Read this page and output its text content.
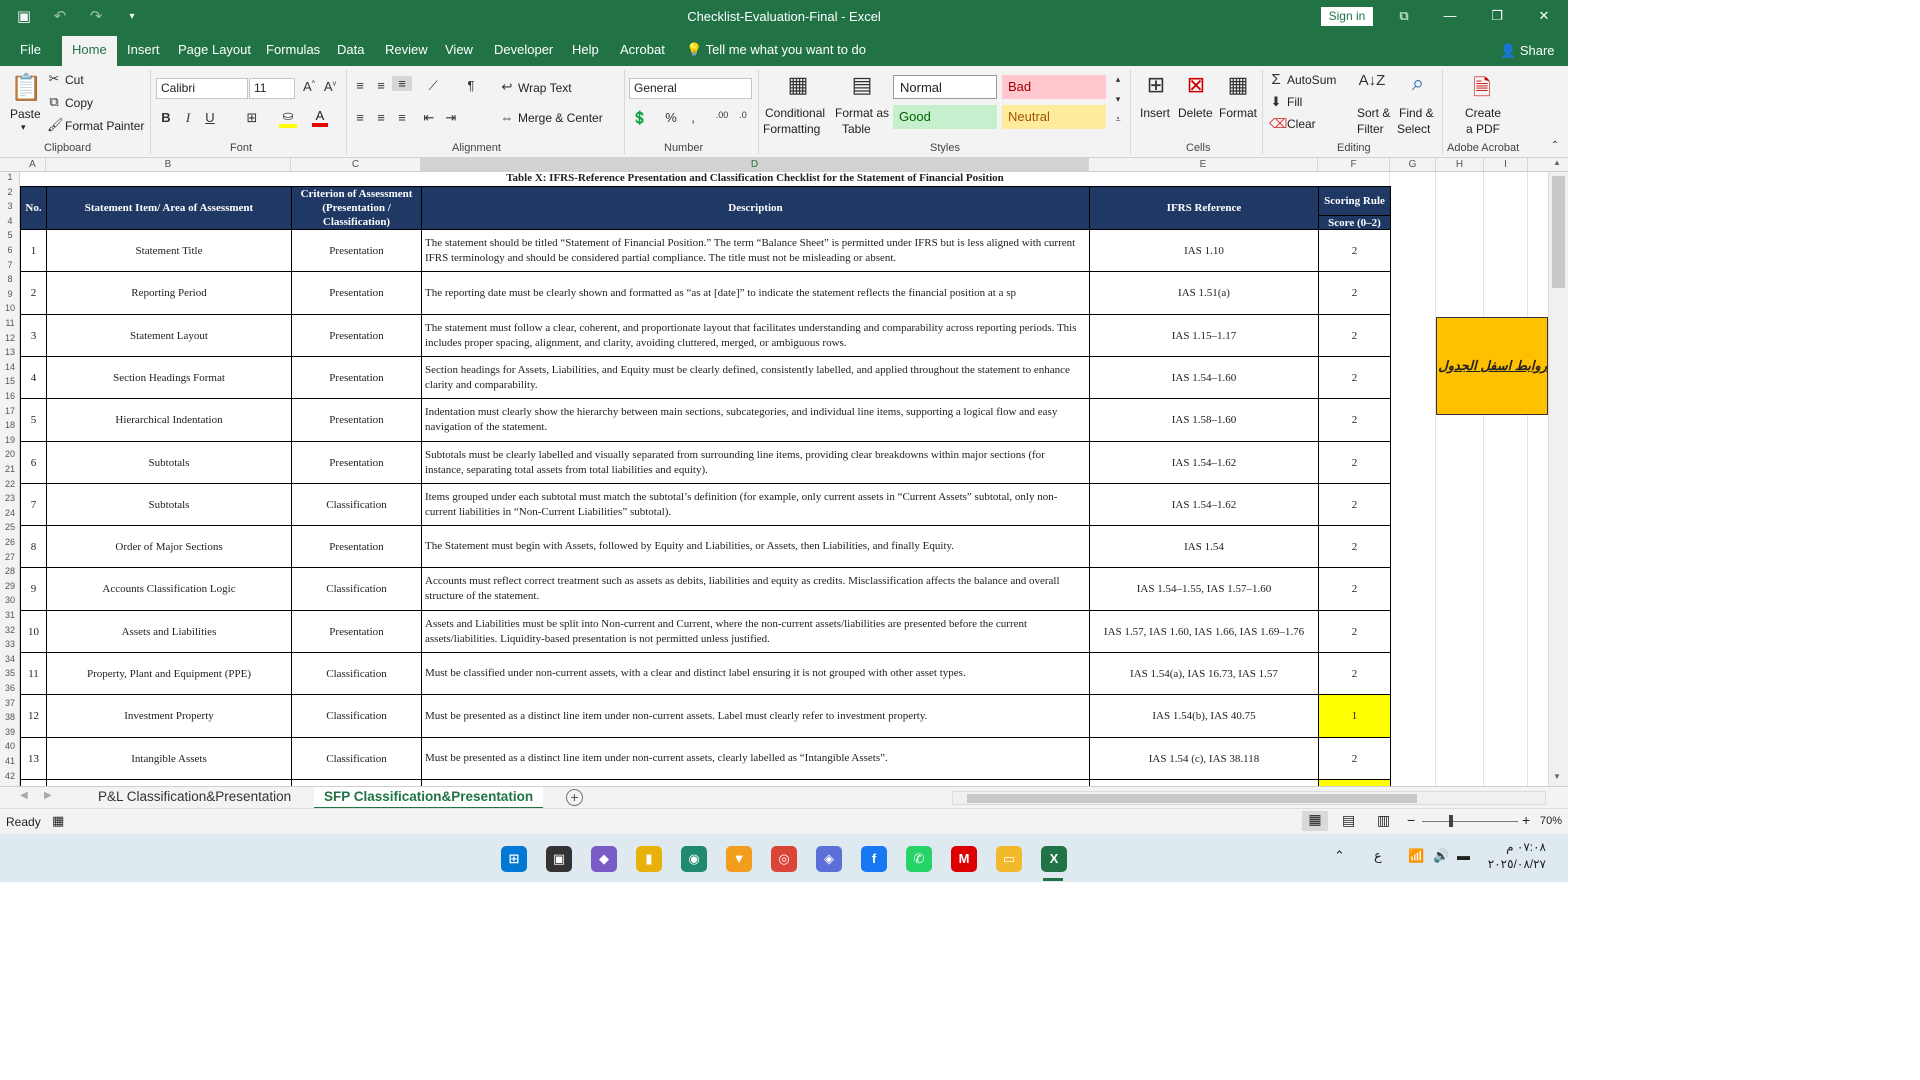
▣ ↶ ↷	▾	Checklist-Evaluation-Final - Excel	Sign in	⧉	—	❐	✕
File	Home	Insert Page Layout Formulas Data Review View Developer Help Acrobat 💡 Tell me what you want to do	👤 Share
📋
Paste
▾
✂ Cut
⧉ Copy
🖌 Format Painter
Clipboard
Calibri	11	A^ $A^v$
B	I	U ⊞ ⛀ A
Font
≡	≡	≡	⟋	¶
≡	≡	≡	⇤ ⇥
↩ Wrap Text
⇔ Merge & Center
Alignment
General
💲 %	,	.00	.0
Number
▦
Conditional
Formatting
▤
Format as
Table
Normal	Bad
Good	Neutral
▴
▾
⩡
Styles
⊞
Insert
⊠
Delete
▦
Format
Cells
Σ AutoSum
⬇ Fill
⌫ Clear
A↓Z
Sort &
Filter
⌕
Find &
Select
Editing
🗎
Create
a PDF
Adobe Acrobat	⌃
A	B	C	D	E	F	G	H	I
1
2
3
4
5
6
7
8
9
10
11
12
13
14
15
16
17
18
19
20
21
22
23
24
25
26
27
28
29
30
31
32
33
34
35
36
37
38
39
40
41
42
Table X: IFRS-Reference Presentation and Classification Checklist for the Statement of Financial Position
No.	Statement Item/ Area of Assessment
Criterion of Assessment (Presentation / Classification)
Description	IFRS Reference
Scoring Rule
Score (0–2)
1	Statement Title	Presentation
The statement should be titled “Statement of Financial Position.” The term “Balance Sheet” is permitted under IFRS but is less aligned with current IFRS terminology and should be considered partial compliance. The title must not be misleading or absent.
IAS 1.10	2
2	Reporting Period	Presentation	The reporting date must be clearly shown and formatted as “as at [date]” to indicate the statement reflects the financial position at a sp	IAS 1.51(a)	2
3	Statement Layout	Presentation
The statement must follow a clear, coherent, and proportionate layout that facilitates understanding and comparability across reporting periods. This includes proper spacing, alignment, and clarity, avoiding cluttered, merged, or ambiguous rows.
IAS 1.15–1.17	2
4	Section Headings Format	Presentation
Section headings for Assets, Liabilities, and Equity must be clearly defined, consistently labelled, and applied throughout the statement to enhance clarity and comparability.
IAS 1.54–1.60	2
5	Hierarchical Indentation	Presentation
Indentation must clearly show the hierarchy between main sections, subcategories, and individual line items, supporting a logical flow and easy navigation of the statement.
IAS 1.58–1.60	2
6	Subtotals	Presentation
Subtotals must be clearly labelled and visually separated from surrounding line items, providing clear breakdowns within major sections (for instance, separating total assets from total liabilities and equity).
IAS 1.54–1.62	2
7	Subtotals	Classification
Items grouped under each subtotal must match the subtotal’s definition (for example, only current assets in “Current Assets” subtotal, only non-current liabilities in “Non-Current Liabilities” subtotal).
IAS 1.54–1.62	2
8	Order of Major Sections	Presentation	The Statement must begin with Assets, followed by Equity and Liabilities, or Assets, then Liabilities, and finally Equity.	IAS 1.54	2
9	Accounts Classification Logic	Classification
Accounts must reflect correct treatment such as assets as debits, liabilities and equity as credits. Misclassification affects the balance and overall structure of the statement.
IAS 1.54–1.55, IAS 1.57–1.60	2
10	Assets and Liabilities	Presentation
Assets and Liabilities must be split into Non-current and Current, where the non-current assets/liabilities are presented before the current assets/liabilities. Liquidity-based presentation is not permitted unless justified.
IAS 1.57, IAS 1.60, IAS 1.66, IAS 1.69–1.76	2
11	Property, Plant and Equipment (PPE)	Classification	Must be classified under non-current assets, with a clear and distinct label ensuring it is not grouped with other asset types.	IAS 1.54(a), IAS 16.73, IAS 1.57	2
12	Investment Property	Classification	Must be presented as a distinct line item under non-current assets. Label must clearly refer to investment property.	IAS 1.54(b), IAS 40.75	1
13	Intangible Assets	Classification	Must be presented as a distinct line item under non-current assets, clearly labelled as “Intangible Assets”.	IAS 1.54 (c), IAS 38.118	2
روابط اسفل الجدول
▲
▼
◀ ▶	P&L Classification&Presentation	SFP Classification&Presentation	+
Ready ▦	▦	▤ ▥ −	+ 70%
⊞	▣	◆	▮	◉	▼	◎	◈	f	✆	M	▭	X	⌃ ع 📶 🔊 ▬
٠٧:٠٨ م
٢٠٢٥/٠٨/٢٧
